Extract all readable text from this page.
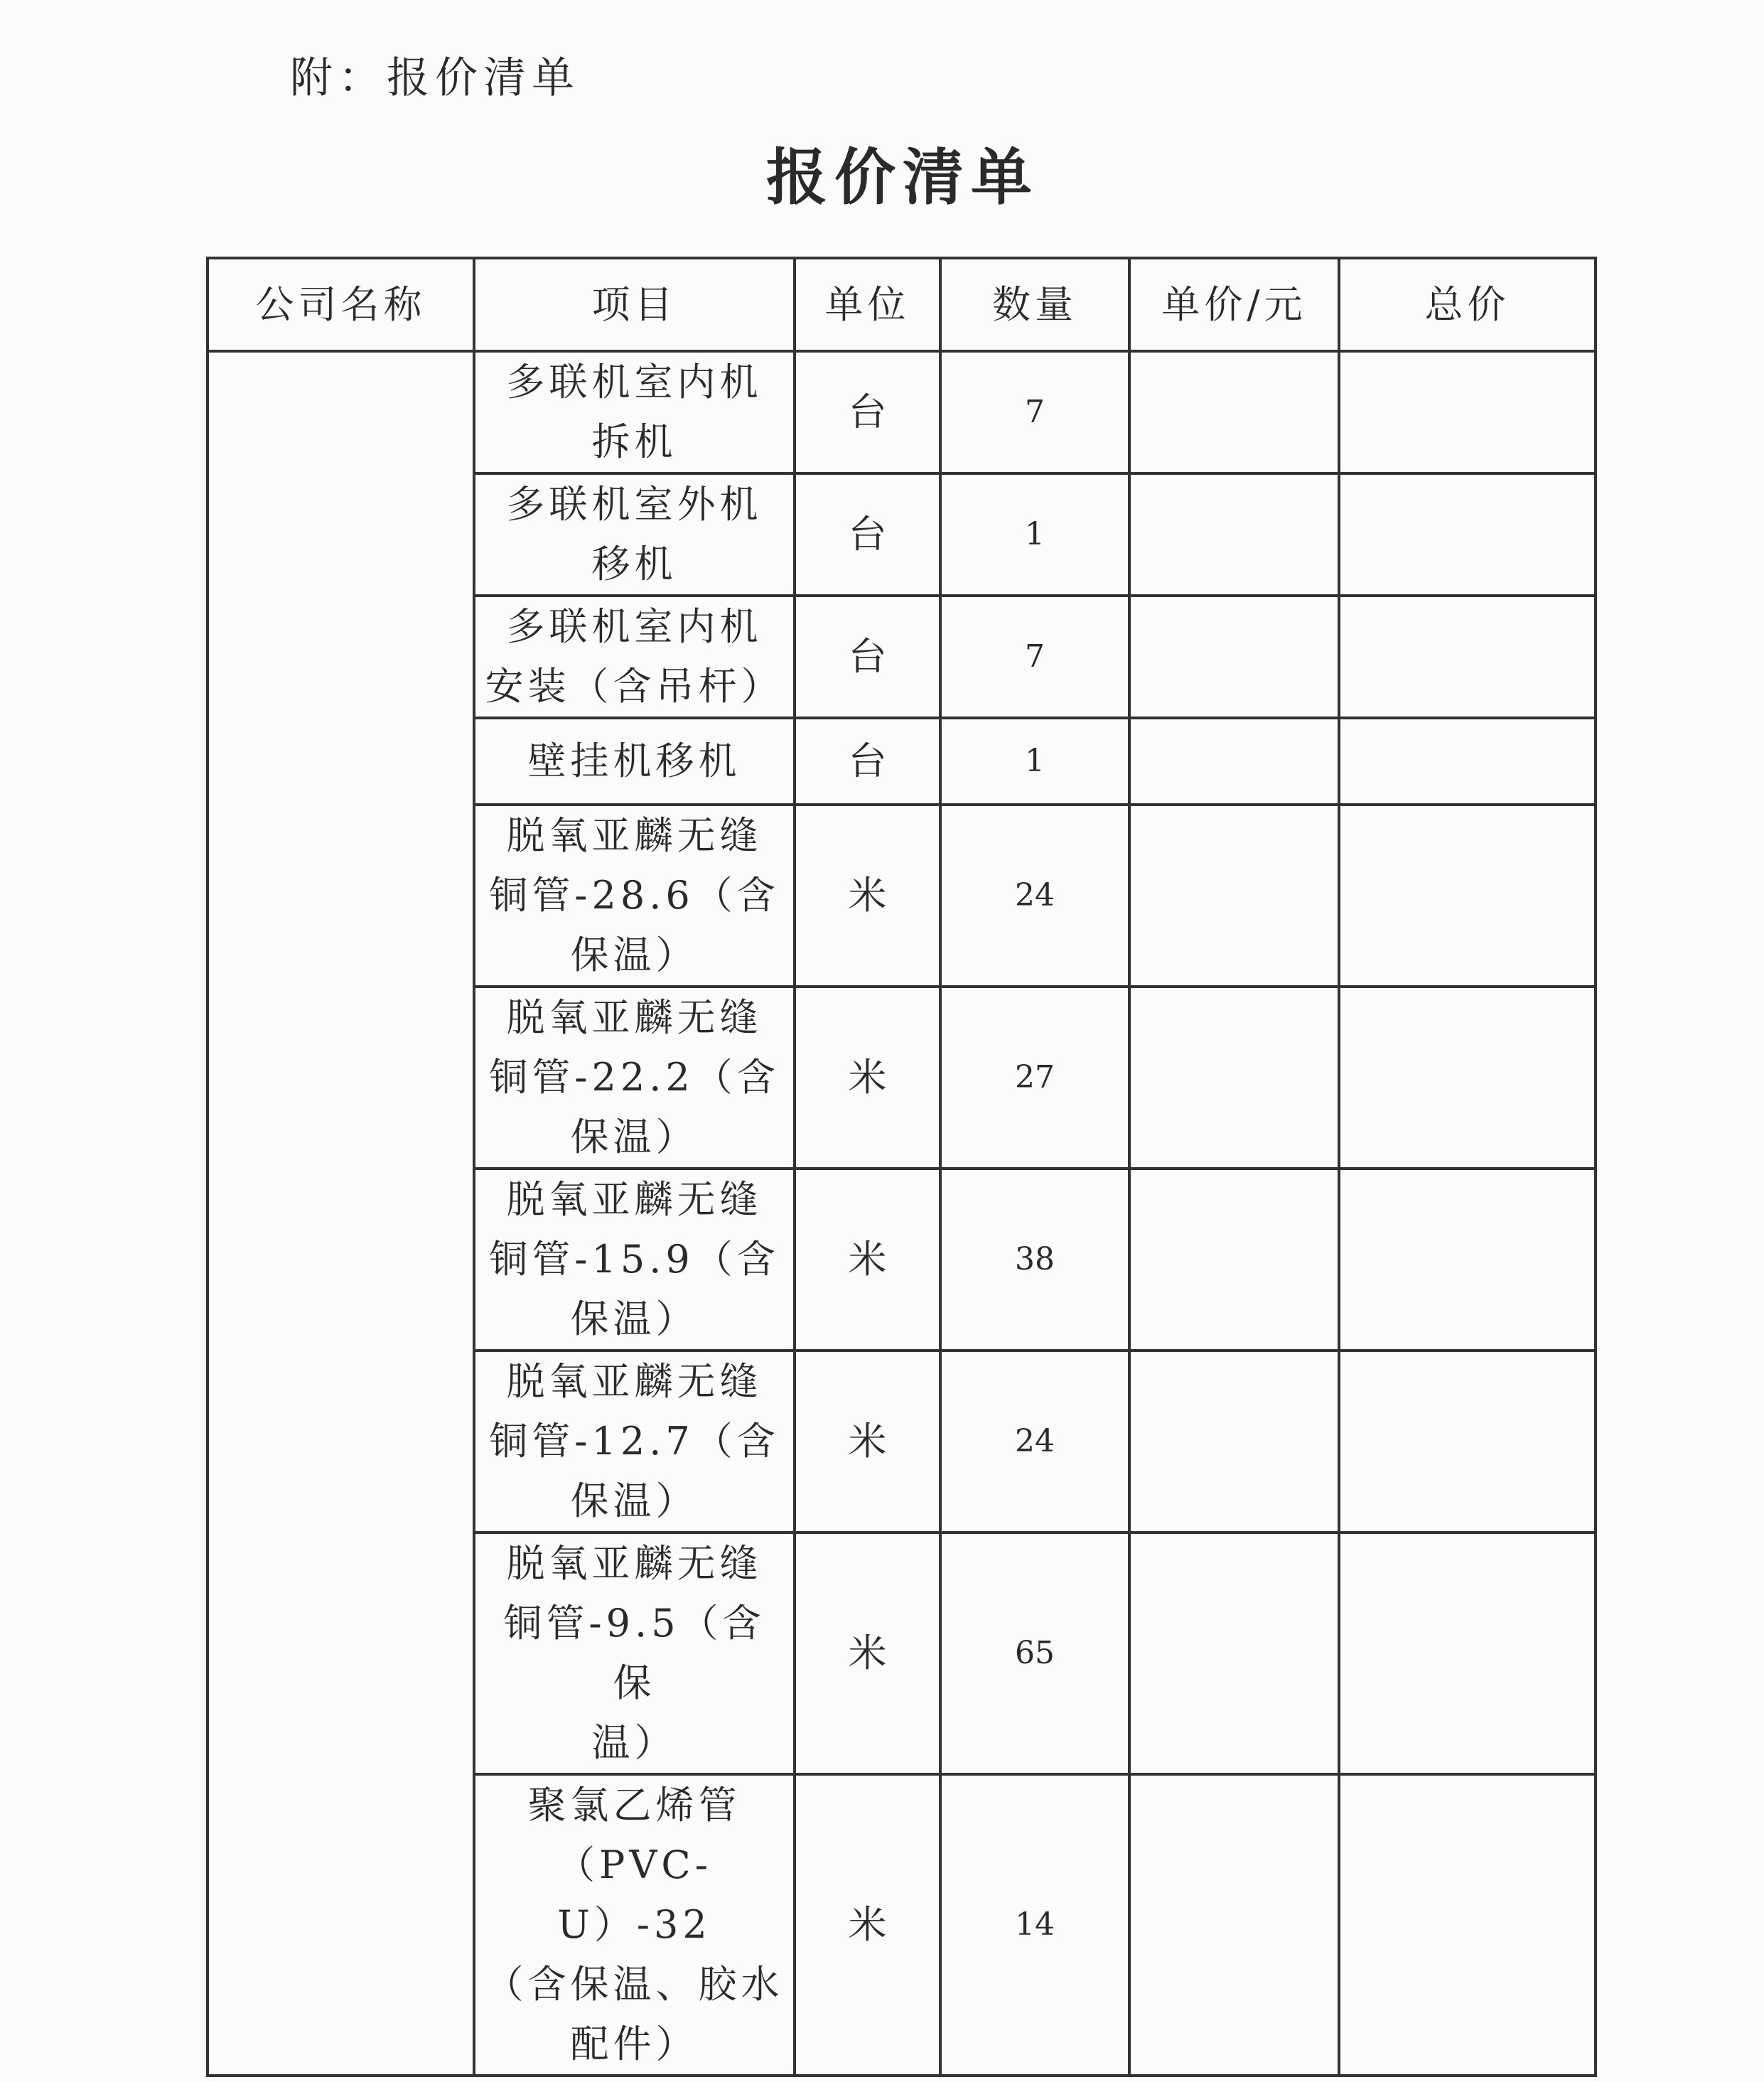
附：报价清单
报价清单
公司名称	项目	单位	数量	单价/元	总价
	多联机室内机
拆机	台	7		
	多联机室外机
移机	台	1		
	多联机室内机
安装（含吊杆）	台	7		
	壁挂机移机	台	1		
	脱氧亚麟无缝
铜管-28.6（含
保温）	米	24		
	脱氧亚麟无缝
铜管-22.2（含
保温）	米	27		
	脱氧亚麟无缝
铜管-15.9（含
保温）	米	38		
	脱氧亚麟无缝
铜管-12.7（含
保温）	米	24		
	脱氧亚麟无缝
铜管-9.5（含保
温）	米	65		
	聚氯乙烯管
（PVC-U）-32
（含保温、胶水
配件）	米	14		
